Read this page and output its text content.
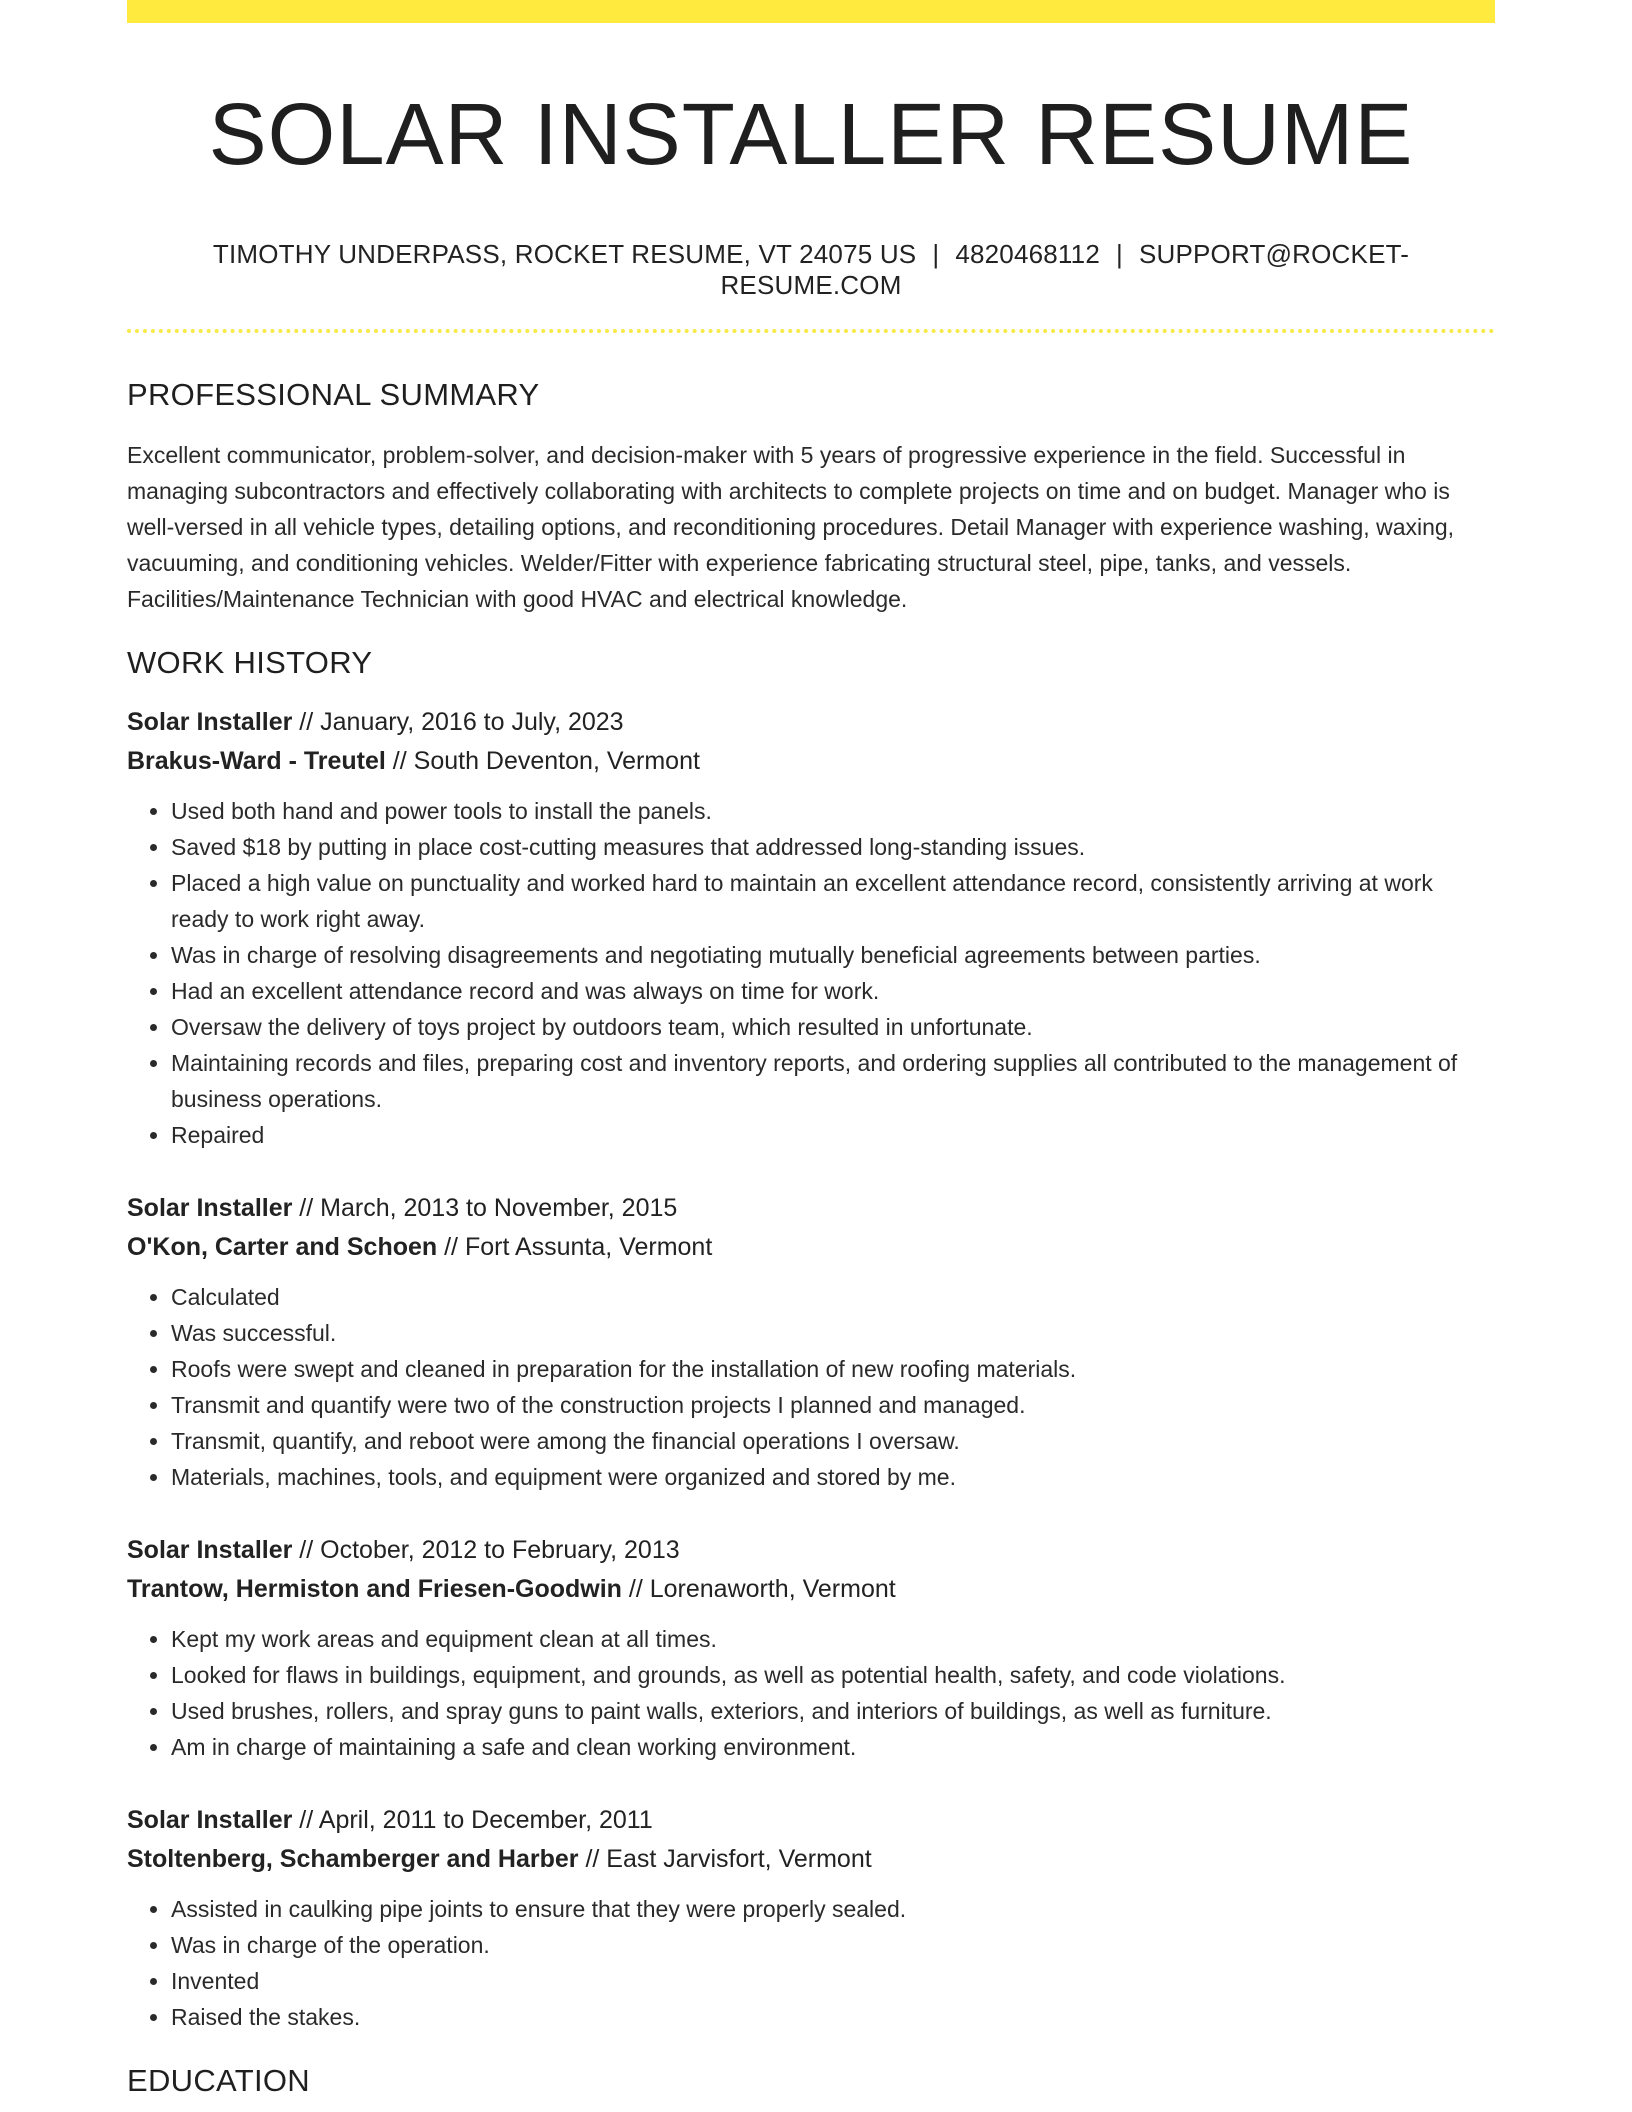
SOLAR INSTALLER RESUME
TIMOTHY UNDERPASS, ROCKET RESUME, VT 24075 US | 4820468112 | SUPPORT@ROCKET-RESUME.COM
PROFESSIONAL SUMMARY
Excellent communicator, problem-solver, and decision-maker with 5 years of progressive experience in the field. Successful in managing subcontractors and effectively collaborating with architects to complete projects on time and on budget. Manager who is well-versed in all vehicle types, detailing options, and reconditioning procedures. Detail Manager with experience washing, waxing, vacuuming, and conditioning vehicles. Welder/Fitter with experience fabricating structural steel, pipe, tanks, and vessels. Facilities/Maintenance Technician with good HVAC and electrical knowledge.
WORK HISTORY
Solar Installer // January, 2016 to July, 2023
Brakus-Ward - Treutel // South Deventon, Vermont
• Used both hand and power tools to install the panels.
• Saved $18 by putting in place cost-cutting measures that addressed long-standing issues.
• Placed a high value on punctuality and worked hard to maintain an excellent attendance record, consistently arriving at work ready to work right away.
• Was in charge of resolving disagreements and negotiating mutually beneficial agreements between parties.
• Had an excellent attendance record and was always on time for work.
• Oversaw the delivery of toys project by outdoors team, which resulted in unfortunate.
• Maintaining records and files, preparing cost and inventory reports, and ordering supplies all contributed to the management of business operations.
• Repaired
Solar Installer // March, 2013 to November, 2015
O'Kon, Carter and Schoen // Fort Assunta, Vermont
• Calculated
• Was successful.
• Roofs were swept and cleaned in preparation for the installation of new roofing materials.
• Transmit and quantify were two of the construction projects I planned and managed.
• Transmit, quantify, and reboot were among the financial operations I oversaw.
• Materials, machines, tools, and equipment were organized and stored by me.
Solar Installer // October, 2012 to February, 2013
Trantow, Hermiston and Friesen-Goodwin // Lorenaworth, Vermont
• Kept my work areas and equipment clean at all times.
• Looked for flaws in buildings, equipment, and grounds, as well as potential health, safety, and code violations.
• Used brushes, rollers, and spray guns to paint walls, exteriors, and interiors of buildings, as well as furniture.
• Am in charge of maintaining a safe and clean working environment.
Solar Installer // April, 2011 to December, 2011
Stoltenberg, Schamberger and Harber // East Jarvisfort, Vermont
• Assisted in caulking pipe joints to ensure that they were properly sealed.
• Was in charge of the operation.
• Invented
• Raised the stakes.
EDUCATION
